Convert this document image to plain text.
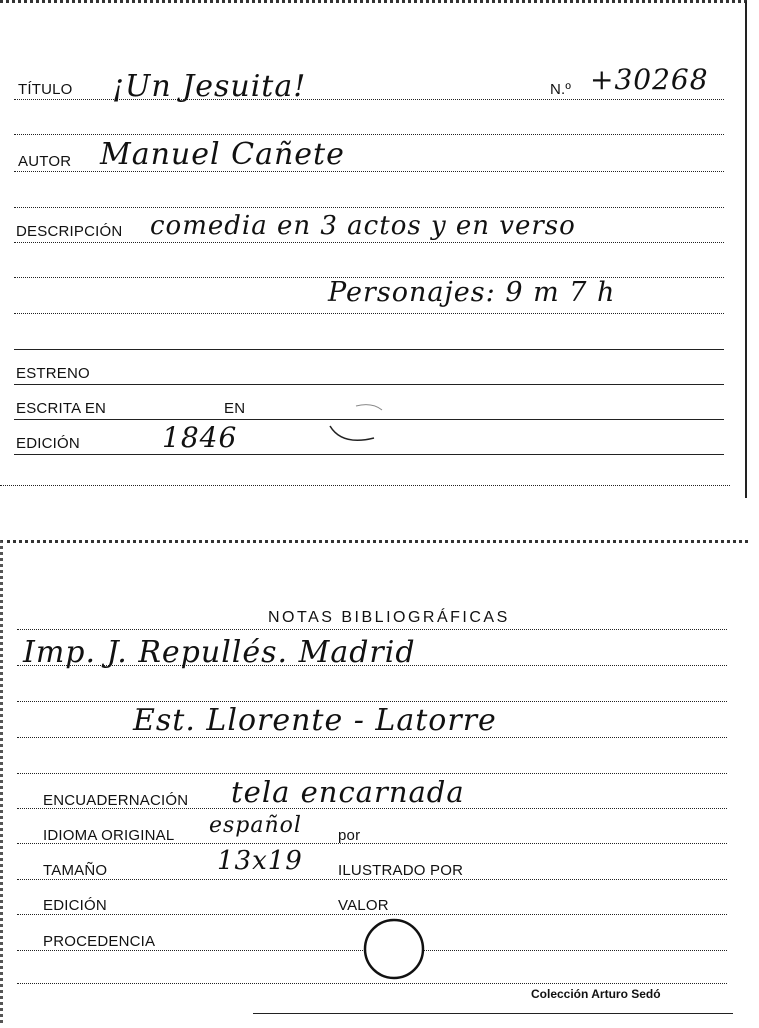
TÍTULO ¡Un Jesuita!	N.º +30268
AUTOR Manuel Cañete
DESCRIPCIÓN comedia en 3 actos y en verso
Personajes: 9 m 7 h
ESTRENO
ESCRITA EN	EN
EDICIÓN	1846
NOTAS BIBLIOGRÁFICAS
Imp. J. Repullés. Madrid
Est. Llorente - Latorre
ENCUADERNACIÓN tela encarnada
IDIOMA ORIGINAL español por
TAMAÑO	13x19 ILUSTRADO POR
EDICIÓN	VALOR
PROCEDENCIA
Colección Arturo Sedó
